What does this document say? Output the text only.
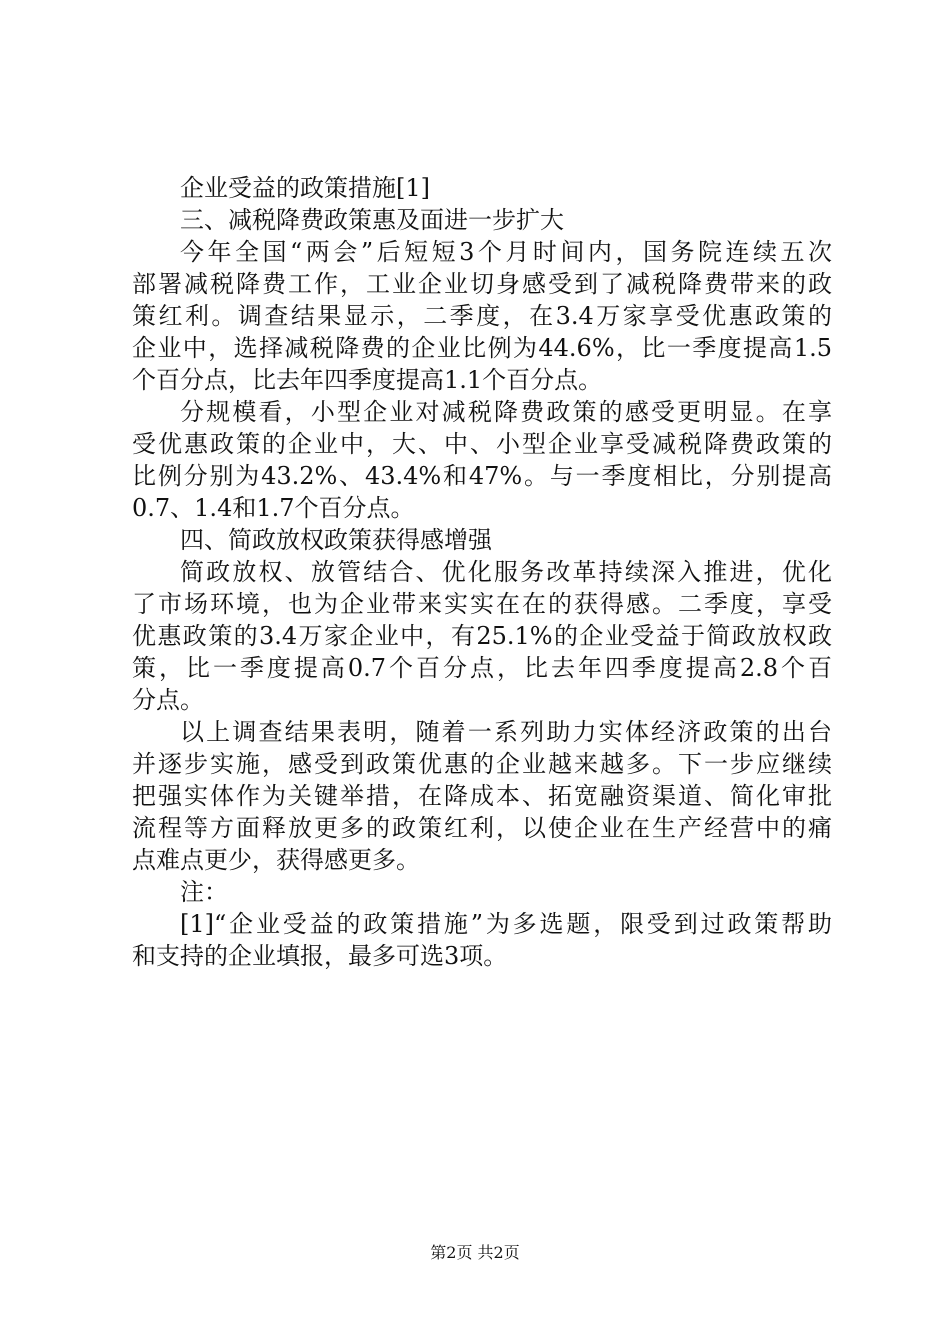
企业受益的政策措施[1]
三、减税降费政策惠及面进一步扩大
今年全国“两会”后短短3个月时间内，国务院连续五次
部署减税降费工作，工业企业切身感受到了减税降费带来的政
策红利。调查结果显示，二季度，在3.4万家享受优惠政策的
企业中，选择减税降费的企业比例为44.6%，比一季度提高1.5
个百分点，比去年四季度提高1.1个百分点。
分规模看，小型企业对减税降费政策的感受更明显。在享
受优惠政策的企业中，大、中、小型企业享受减税降费政策的
比例分别为43.2%、43.4%和47%。与一季度相比，分别提高
0.7、1.4和1.7个百分点。
四、简政放权政策获得感增强
简政放权、放管结合、优化服务改革持续深入推进，优化
了市场环境，也为企业带来实实在在的获得感。二季度，享受
优惠政策的3.4万家企业中，有25.1%的企业受益于简政放权政
策，比一季度提高0.7个百分点，比去年四季度提高2.8个百
分点。
以上调查结果表明，随着一系列助力实体经济政策的出台
并逐步实施，感受到政策优惠的企业越来越多。下一步应继续
把强实体作为关键举措，在降成本、拓宽融资渠道、简化审批
流程等方面释放更多的政策红利，以使企业在生产经营中的痛
点难点更少，获得感更多。
注：
[1]“企业受益的政策措施”为多选题，限受到过政策帮助
和支持的企业填报，最多可选3项。
第2页 共2页
